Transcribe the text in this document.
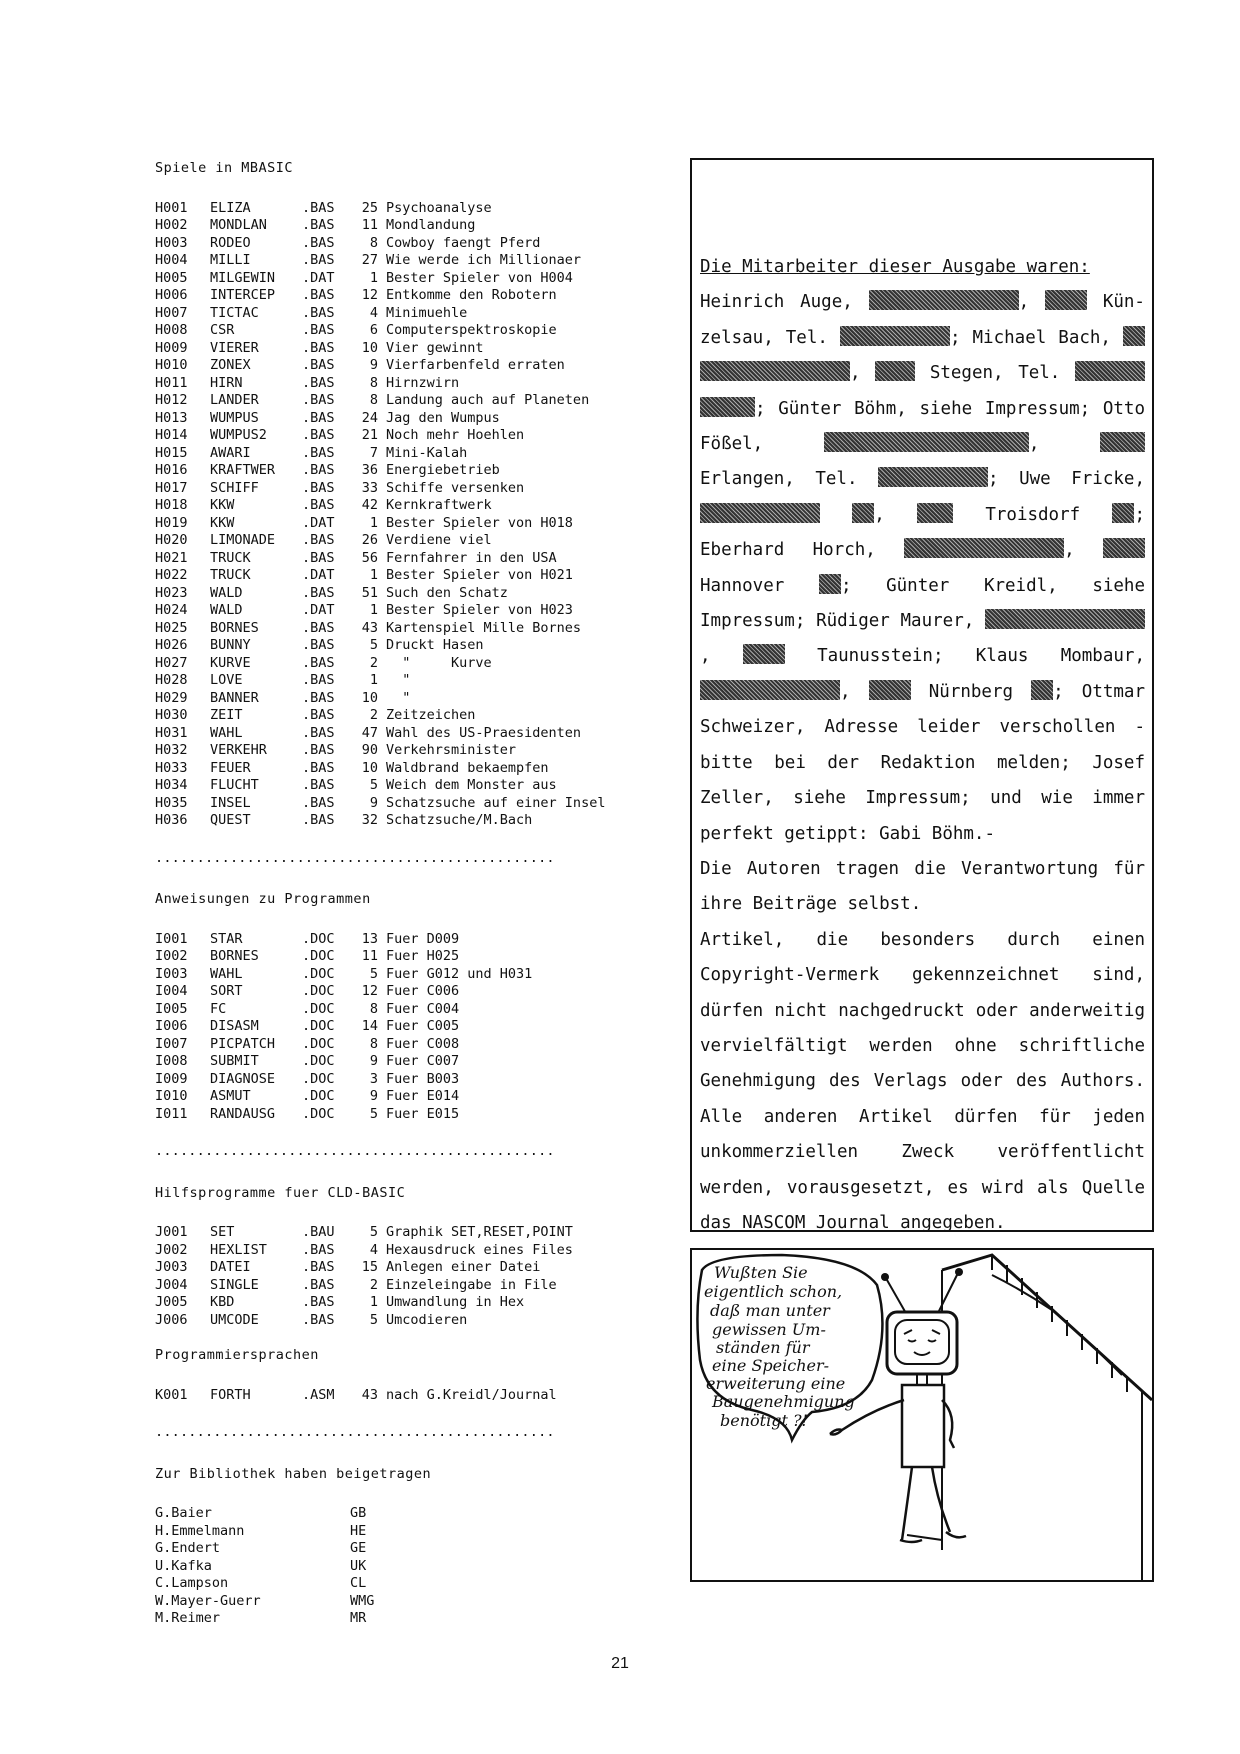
Spiele in MBASIC
H001	ELIZA	.BAS	25	Psychoanalyse
H002	MONDLAN	.BAS	11	Mondlandung
H003	RODEO	.BAS	8	Cowboy faengt Pferd
H004	MILLI	.BAS	27	Wie werde ich Millionaer
H005	MILGEWIN	.DAT	1	Bester Spieler von H004
H006	INTERCEP	.BAS	12	Entkomme den Robotern
H007	TICTAC	.BAS	4	Minimuehle
H008	CSR	.BAS	6	Computerspektroskopie
H009	VIERER	.BAS	10	Vier gewinnt
H010	ZONEX	.BAS	9	Vierfarbenfeld erraten
H011	HIRN	.BAS	8	Hirnzwirn
H012	LANDER	.BAS	8	Landung auch auf Planeten
H013	WUMPUS	.BAS	24	Jag den Wumpus
H014	WUMPUS2	.BAS	21	Noch mehr Hoehlen
H015	AWARI	.BAS	7	Mini-Kalah
H016	KRAFTWER	.BAS	36	Energiebetrieb
H017	SCHIFF	.BAS	33	Schiffe versenken
H018	KKW	.BAS	42	Kernkraftwerk
H019	KKW	.DAT	1	Bester Spieler von H018
H020	LIMONADE	.BAS	26	Verdiene viel
H021	TRUCK	.BAS	56	Fernfahrer in den USA
H022	TRUCK	.DAT	1	Bester Spieler von H021
H023	WALD	.BAS	51	Such den Schatz
H024	WALD	.DAT	1	Bester Spieler von H023
H025	BORNES	.BAS	43	Kartenspiel Mille Bornes
H026	BUNNY	.BAS	5	Druckt Hasen
H027	KURVE	.BAS	2	"     Kurve
H028	LOVE	.BAS	1	"
H029	BANNER	.BAS	10	"
H030	ZEIT	.BAS	2	Zeitzeichen
H031	WAHL	.BAS	47	Wahl des US-Praesidenten
H032	VERKEHR	.BAS	90	Verkehrsminister
H033	FEUER	.BAS	10	Waldbrand bekaempfen
H034	FLUCHT	.BAS	5	Weich dem Monster aus
H035	INSEL	.BAS	9	Schatzsuche auf einer Insel
H036	QUEST	.BAS	32	Schatzsuche/M.Bach
................................................
Anweisungen zu Programmen
I001	STAR	.DOC	13	Fuer D009
I002	BORNES	.DOC	11	Fuer H025
I003	WAHL	.DOC	5	Fuer G012 und H031
I004	SORT	.DOC	12	Fuer C006
I005	FC	.DOC	8	Fuer C004
I006	DISASM	.DOC	14	Fuer C005
I007	PICPATCH	.DOC	8	Fuer C008
I008	SUBMIT	.DOC	9	Fuer C007
I009	DIAGNOSE	.DOC	3	Fuer B003
I010	ASMUT	.DOC	9	Fuer E014
I011	RANDAUSG	.DOC	5	Fuer E015
................................................
Hilfsprogramme fuer CLD-BASIC
J001	SET	.BAU	5	Graphik SET,RESET,POINT
J002	HEXLIST	.BAS	4	Hexausdruck eines Files
J003	DATEI	.BAS	15	Anlegen einer Datei
J004	SINGLE	.BAS	2	Einzeleingabe in File
J005	KBD	.BAS	1	Umwandlung in Hex
J006	UMCODE	.BAS	5	Umcodieren
Programmiersprachen
K001	FORTH	.ASM	43	nach G.Kreidl/Journal
................................................
Zur Bibliothek haben beigetragen
G.Baier	GB
H.Emmelmann	HE
G.Endert	GE
U.Kafka	UK
C.Lampson	CL
W.Mayer-Guerr	WMG
M.Reimer	MR
Die Mitarbeiter dieser Ausgabe waren:
Heinrich Auge,	,	Kün-zelsau, Tel.	; Michael Bach,  ,	Stegen, Tel.  ; Günter Böhm, siehe Impressum; Otto Fößel,	,  Erlangen, Tel.	; Uwe Fricke,  ,	Troisdorf	; Eberhard Horch,	,  Hannover	; Günter Kreidl, siehe Impressum; Rüdiger Maurer, ,	Taunusstein; Klaus Mombaur, ,	Nürnberg ; Ottmar Schweizer, Adresse leider verschollen - bitte bei der Redaktion melden; Josef Zeller, siehe Impressum; und wie immer perfekt getippt: Gabi Böhm.-
Die Autoren tragen die Verantwortung für ihre Beiträge selbst.
Artikel, die besonders durch einen Copyright-Vermerk gekennzeichnet sind, dürfen nicht nachgedruckt oder anderweitig vervielfältigt werden ohne schriftliche Genehmigung des Verlags oder des Authors. Alle anderen Artikel dürfen für jeden unkommerziellen Zweck veröffentlicht werden, vorausgesetzt, es wird als Quelle das NASCOM Journal angegeben.
Wußten Sie eigentlich schon, daß man unter gewissen Um- ständen für eine Speicher- erweiterung eine Baugenehmigung benötigt ?!
21
